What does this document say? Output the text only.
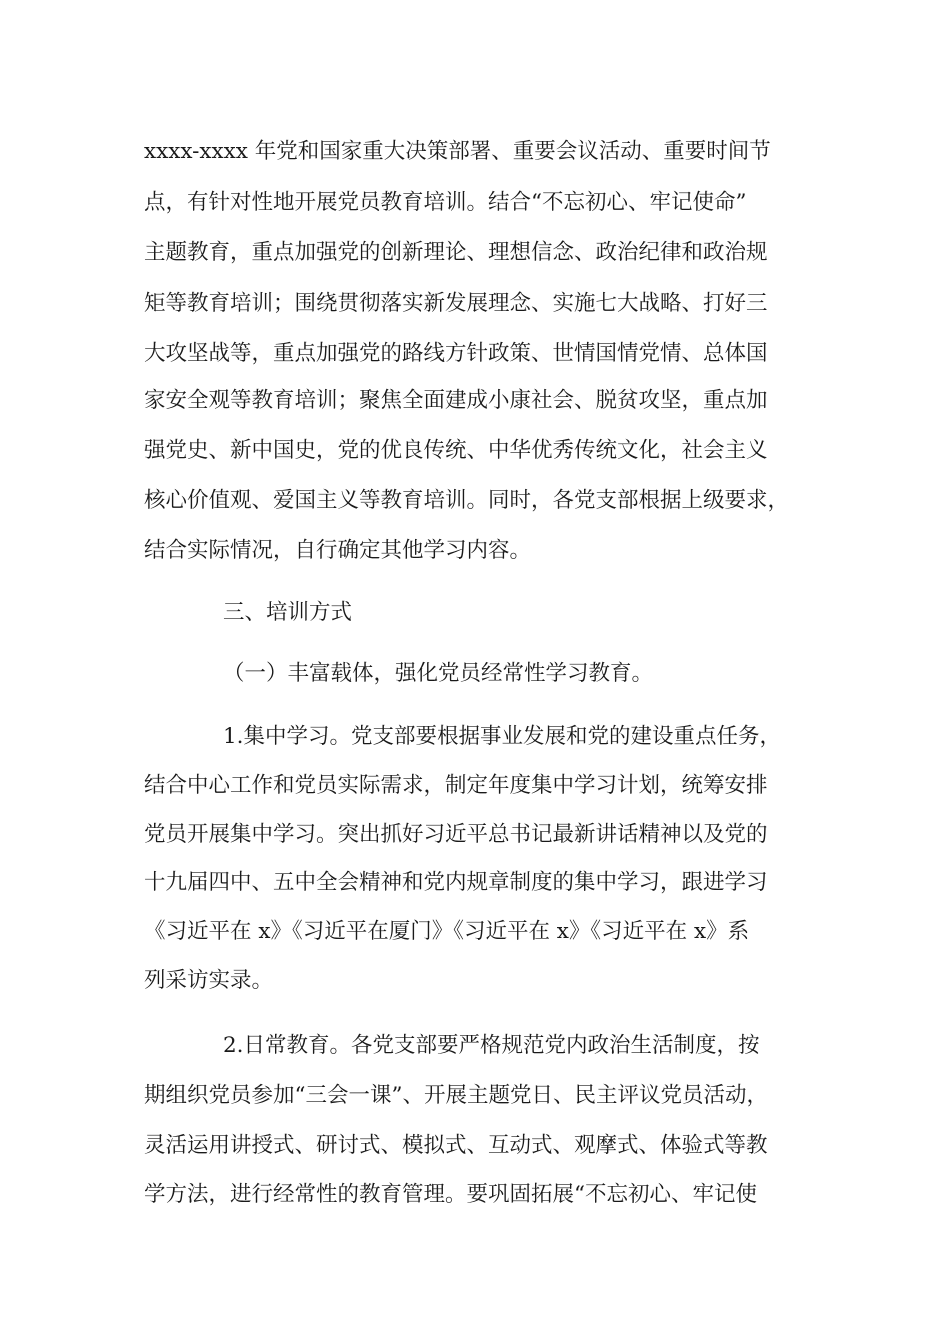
xxxx-xxxx 年党和国家重大决策部署、重要会议活动、重要时间节
点，有针对性地开展党员教育培训。结合“不忘初心、牢记使命”
主题教育，重点加强党的创新理论、理想信念、政治纪律和政治规
矩等教育培训；围绕贯彻落实新发展理念、实施七大战略、打好三
大攻坚战等，重点加强党的路线方针政策、世情国情党情、总体国
家安全观等教育培训；聚焦全面建成小康社会、脱贫攻坚，重点加
强党史、新中国史，党的优良传统、中华优秀传统文化，社会主义
核心价值观、爱国主义等教育培训。同时，各党支部根据上级要求，
结合实际情况，自行确定其他学习内容。
三、培训方式
（一）丰富载体，强化党员经常性学习教育。
1.集中学习。党支部要根据事业发展和党的建设重点任务，
结合中心工作和党员实际需求，制定年度集中学习计划，统筹安排
党员开展集中学习。突出抓好习近平总书记最新讲话精神以及党的
十九届四中、五中全会精神和党内规章制度的集中学习，跟进学习
《习近平在 x》《习近平在厦门》《习近平在 x》《习近平在 x》系
列采访实录。
2.日常教育。各党支部要严格规范党内政治生活制度，按
期组织党员参加“三会一课”、开展主题党日、民主评议党员活动，
灵活运用讲授式、研讨式、模拟式、互动式、观摩式、体验式等教
学方法，进行经常性的教育管理。要巩固拓展“不忘初心、牢记使
